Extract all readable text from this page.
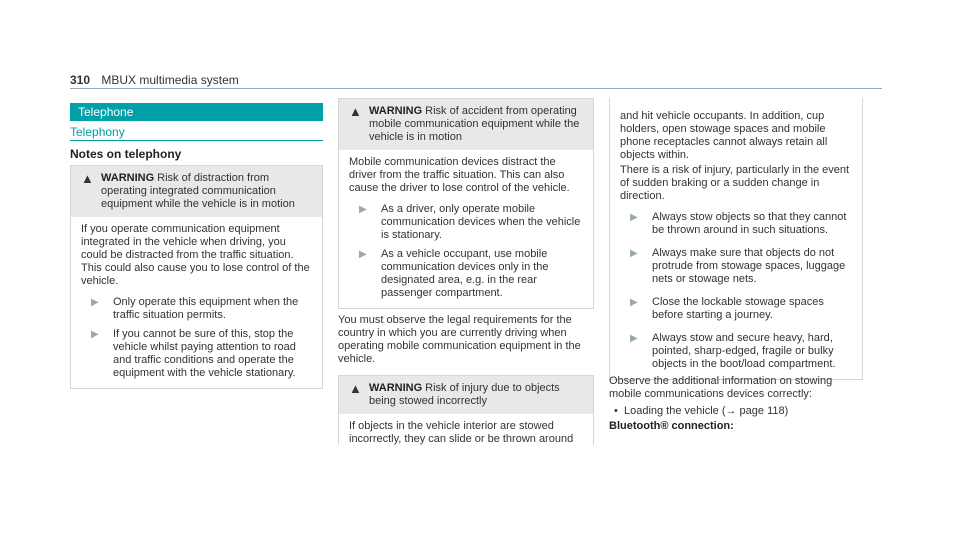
310 MBUX multimedia system
Telephone
Telephony
Notes on telephony
▲ WARNING Risk of distraction from operating integrated communication equipment while the vehicle is in motion

If you operate communication equipment integrated in the vehicle when driving, you could be distracted from the traffic situation. This could also cause you to lose control of the vehicle.

▶	Only operate this equipment when the traffic situation permits.
▶	If you cannot be sure of this, stop the vehicle whilst paying attention to road and traffic conditions and operate the equipment with the vehicle stationary.
▲ WARNING Risk of accident from operating mobile communication equipment while the vehicle is in motion

Mobile communication devices distract the driver from the traffic situation. This can also cause the driver to lose control of the vehicle.

▶	As a driver, only operate mobile communication devices when the vehicle is stationary.
▶	As a vehicle occupant, use mobile communication devices only in the designated area, e.g. in the rear passenger compartment.
You must observe the legal requirements for the country in which you are currently driving when operating mobile communication equipment in the vehicle.
▲ WARNING Risk of injury due to objects being stowed incorrectly

If objects in the vehicle interior are stowed incorrectly, they can slide or be thrown around

and hit vehicle occupants. In addition, cup holders, open stowage spaces and mobile phone receptacles cannot always retain all objects within.

There is a risk of injury, particularly in the event of sudden braking or a sudden change in direction.

▶	Always stow objects so that they cannot be thrown around in such situations.
▶	Always make sure that objects do not protrude from stowage spaces, luggage nets or stowage nets.
▶	Close the lockable stowage spaces before starting a journey.
▶	Always stow and secure heavy, hard, pointed, sharp-edged, fragile or bulky objects in the boot/load compartment.
Observe the additional information on stowing mobile communications devices correctly:
•  Loading the vehicle (→ page 118)
Bluetooth® connection:
